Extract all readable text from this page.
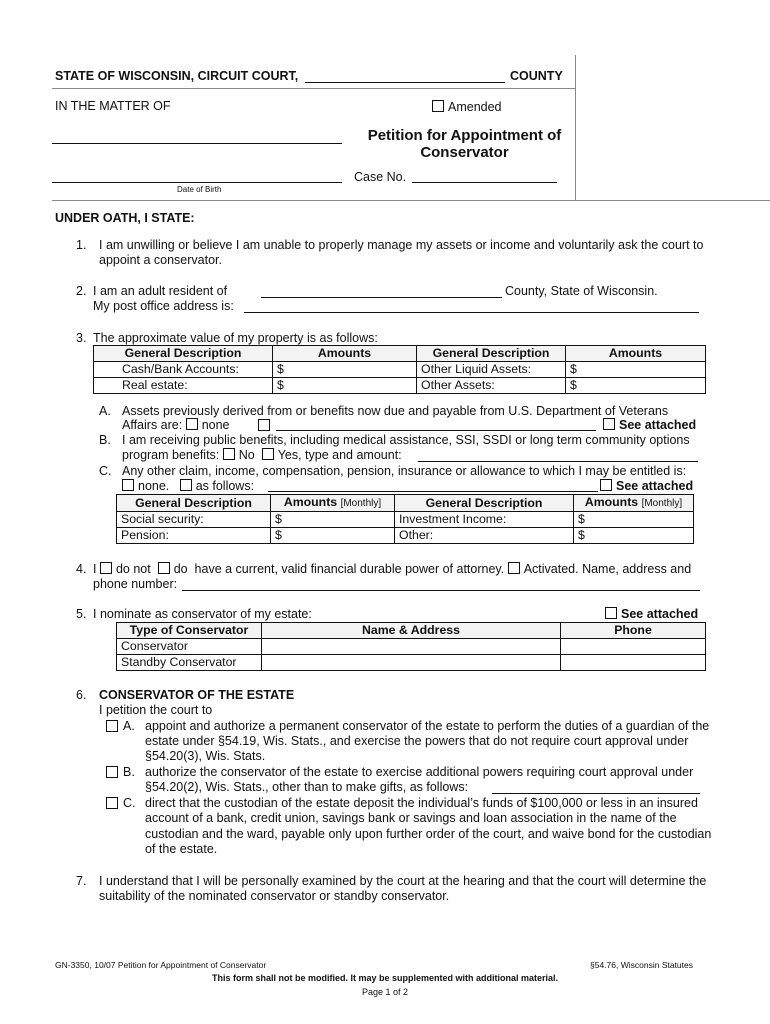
STATE OF WISCONSIN, CIRCUIT COURT,	COUNTY
IN THE MATTER OF	Amended
Petition for Appointment of
Conservator
Date of Birth
Case No.
UNDER OATH, I STATE:
1. I am unwilling or believe I am unable to properly manage my assets or income and voluntarily ask the court to
appoint a conservator.
2. I am an adult resident of	County, State of Wisconsin.
My post office address is:
3. The approximate value of my property is as follows:
General Description	Amounts	General Description	Amounts
Cash/Bank Accounts:	$	Other Liquid Assets:	$
Real estate:	$	Other Assets:	$
A. Assets previously derived from or benefits now due and payable from U.S. Department of Veterans
Affairs are: none	See attached
B. I am receiving public benefits, including medical assistance, SSI, SSDI or long term community options
program benefits: No Yes, type and amount:
C. Any other claim, income, compensation, pension, insurance or allowance to which I may be entitled is:
none. as follows:	See attached
General Description	Amounts [Monthly]	General Description	Amounts [Monthly]
Social security:	$	Investment Income:	$
Pension:	$	Other:	$
4. I do not do have a current, valid financial durable power of attorney. Activated. Name, address and
phone number:
5. I nominate as conservator of my estate:	See attached
Type of Conservator	Name & Address	Phone
Conservator		
Standby Conservator		
6. CONSERVATOR OF THE ESTATE
I petition the court to
A. appoint and authorize a permanent conservator of the estate to perform the duties of a guardian of the
estate under §54.19, Wis. Stats., and exercise the powers that do not require court approval under
§54.20(3), Wis. Stats.
B. authorize the conservator of the estate to exercise additional powers requiring court approval under
§54.20(2), Wis. Stats., other than to make gifts, as follows:
C. direct that the custodian of the estate deposit the individual’s funds of $100,000 or less in an insured
account of a bank, credit union, savings bank or savings and loan association in the name of the
custodian and the ward, payable only upon further order of the court, and waive bond for the custodian
of the estate.
7. I understand that I will be personally examined by the court at the hearing and that the court will determine the
suitability of the nominated conservator or standby conservator.
GN-3350, 10/07 Petition for Appointment of Conservator	§54.76, Wisconsin Statutes
This form shall not be modified. It may be supplemented with additional material.
Page 1 of 2
